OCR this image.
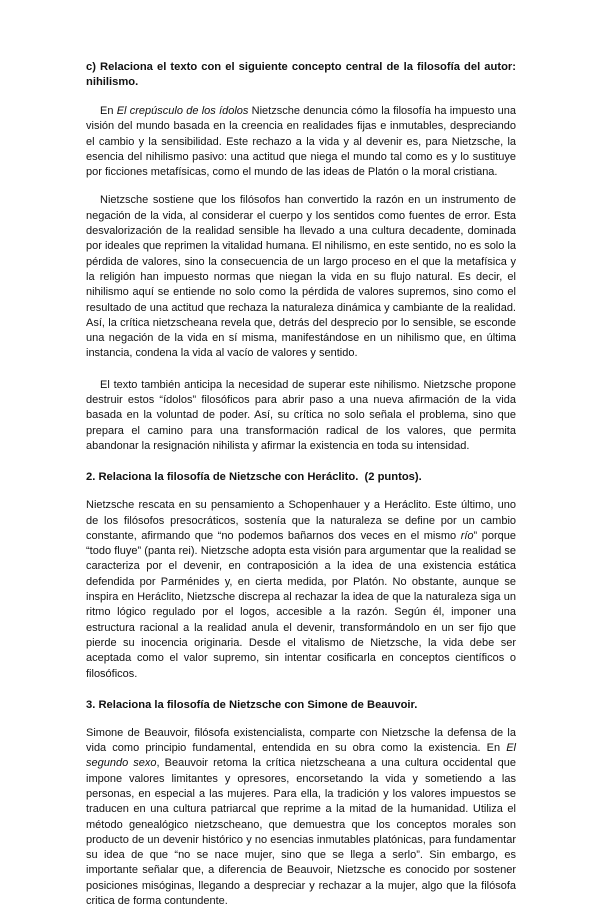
c) Relaciona el texto con el siguiente concepto central de la filosofía del autor: nihilismo.

En El crepúsculo de los ídolos Nietzsche denuncia cómo la filosofía ha impuesto una visión del mundo basada en la creencia en realidades fijas e inmutables, despreciando el cambio y la sensibilidad. Este rechazo a la vida y al devenir es, para Nietzsche, la esencia del nihilismo pasivo: una actitud que niega el mundo tal como es y lo sustituye por ficciones metafísicas, como el mundo de las ideas de Platón o la moral cristiana.

Nietzsche sostiene que los filósofos han convertido la razón en un instrumento de negación de la vida, al considerar el cuerpo y los sentidos como fuentes de error. Esta desvalorización de la realidad sensible ha llevado a una cultura decadente, dominada por ideales que reprimen la vitalidad humana. El nihilismo, en este sentido, no es solo la pérdida de valores, sino la consecuencia de un largo proceso en el que la metafísica y la religión han impuesto normas que niegan la vida en su flujo natural. Es decir, el nihilismo aquí se entiende no solo como la pérdida de valores supremos, sino como el resultado de una actitud que rechaza la naturaleza dinámica y cambiante de la realidad. Así, la crítica nietzscheana revela que, detrás del desprecio por lo sensible, se esconde una negación de la vida en sí misma, manifestándose en un nihilismo que, en última instancia, condena la vida al vacío de valores y sentido.

El texto también anticipa la necesidad de superar este nihilismo. Nietzsche propone destruir estos “ídolos” filosóficos para abrir paso a una nueva afirmación de la vida basada en la voluntad de poder. Así, su crítica no solo señala el problema, sino que prepara el camino para una transformación radical de los valores, que permita abandonar la resignación nihilista y afirmar la existencia en toda su intensidad.

2. Relaciona la filosofía de Nietzsche con Heráclito. (2 puntos).

Nietzsche rescata en su pensamiento a Schopenhauer y a Heráclito. Este último, uno de los filósofos presocráticos, sostenía que la naturaleza se define por un cambio constante, afirmando que “no podemos bañarnos dos veces en el mismo río” porque “todo fluye” (panta rei). Nietzsche adopta esta visión para argumentar que la realidad se caracteriza por el devenir, en contraposición a la idea de una existencia estática defendida por Parménides y, en cierta medida, por Platón. No obstante, aunque se inspira en Heráclito, Nietzsche discrepa al rechazar la idea de que la naturaleza siga un ritmo lógico regulado por el logos, accesible a la razón. Según él, imponer una estructura racional a la realidad anula el devenir, transformándolo en un ser fijo que pierde su inocencia originaria. Desde el vitalismo de Nietzsche, la vida debe ser aceptada como el valor supremo, sin intentar cosificarla en conceptos científicos o filosóficos.

3. Relaciona la filosofía de Nietzsche con Simone de Beauvoir.

Simone de Beauvoir, filósofa existencialista, comparte con Nietzsche la defensa de la vida como principio fundamental, entendida en su obra como la existencia. En El segundo sexo, Beauvoir retoma la crítica nietzscheana a una cultura occidental que impone valores limitantes y opresores, encorsetando la vida y sometiendo a las personas, en especial a las mujeres. Para ella, la tradición y los valores impuestos se traducen en una cultura patriarcal que reprime a la mitad de la humanidad. Utiliza el método genealógico nietzscheano, que demuestra que los conceptos morales son producto de un devenir histórico y no esencias inmutables platónicas, para fundamentar su idea de que “no se nace mujer, sino que se llega a serlo”. Sin embargo, es importante señalar que, a diferencia de Beauvoir, Nietzsche es conocido por sostener posiciones misóginas, llegando a despreciar y rechazar a la mujer, algo que la filósofa critica de forma contundente.
